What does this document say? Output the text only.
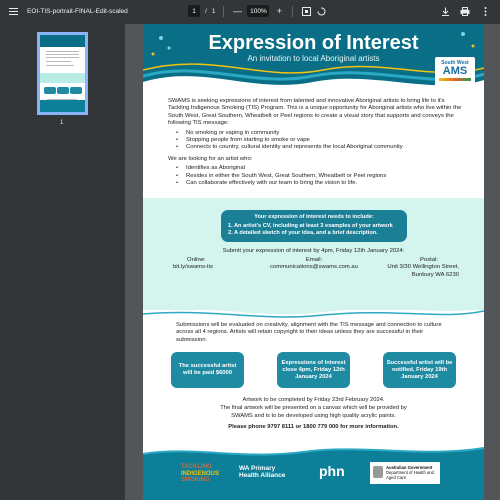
EOI-TIS-portrait-FINAL-Edit-scaled	1	/ 1 —	100% +
1
Expression of Interest
An invitation to local Aboriginal artists	South West
AMS

SWAMS is seeking expressions of interest from talented and innovative Aboriginal artists to bring life to it's Tackling Indigenous Smoking (TIS) Program. This is a unique opportunity for Aboriginal artists who live within the South West, Great Southern, Wheatbelt or Peel regions to create a visual story that supports and conveys the following TIS message:

• No smoking or vaping in community
• Stopping people from starting to smoke or vape
• Connects to country, cultural identity and represents the local Aboriginal community

We are looking for an artist who:

• Identifies as Aboriginal
• Resides in either the South West, Great Southern, Wheatbelt or Peel regions
• Can collaborate effectively with our team to bring the vision to life.
Your expression of interest needs to include:
1. An artist's CV, including at least 3 examples of your artwork
2. A detailed sketch of your idea, and a brief description.
Submit your expression of interest by 4pm, Friday 12th January 2024:
Online:
bit.ly/swams-tis
Email:
communications@swams.com.au
Postal:
Unit 3/30 Wellington Street,
Bunbury WA 6230
Submissions will be evaluated on creativity, alignment with the TIS message and connection to culture across all 4 regions. Artists will retain copyright to their ideas unless they are successful in their submission.
The successful artist will be paid $6000
Expressions of Interest close 4pm, Friday 12th January 2024
Successful artist will be notified, Friday 19th January 2024
Artwork to be completed by Friday 23rd February 2024.
The final artwork will be presented on a canvas which will be provided by
SWAMS and is to be developed using high quality acrylic paints.
Please phone 9797 8111 or 1800 779 000 for more information.
TACKLING
INDIGENOUS
SMOKING
WA Primary
Health Alliance phn	Australian Government
Department of Health and Aged Care
